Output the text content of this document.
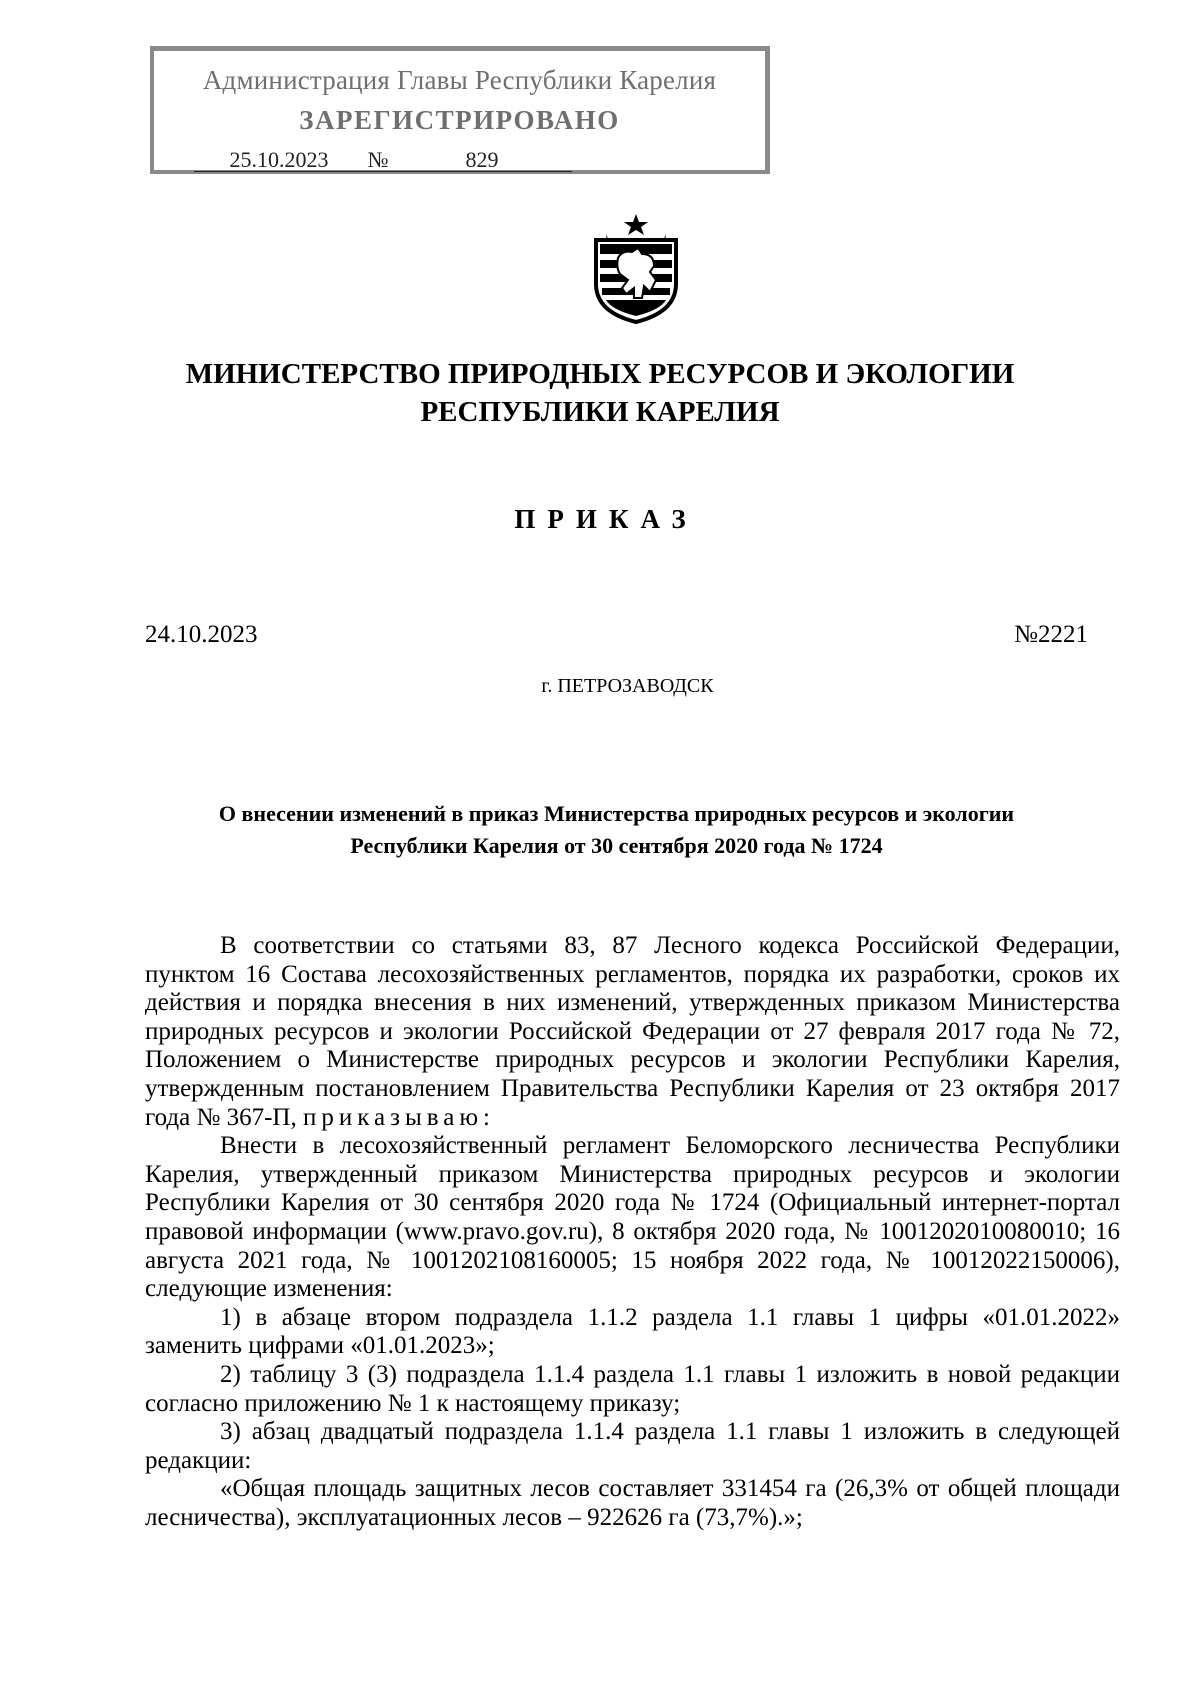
Администрация Главы Республики Карелия
ЗАРЕГИСТРИРОВАНО
25.10.2023 №	829
МИНИСТЕРСТВО ПРИРОДНЫХ РЕСУРСОВ И ЭКОЛОГИИ
РЕСПУБЛИКИ КАРЕЛИЯ
ПРИКАЗ
24.10.2023	№2221
г. ПЕТРОЗАВОДСК
О внесении изменений в приказ Министерства природных ресурсов и экологии
Республики Карелия от 30 сентября 2020 года № 1724

В соответствии со статьями 83, 87 Лесного кодекса Российской Федерации, пунктом 16 Состава лесохозяйственных регламентов, порядка их разработки, сроков их действия и порядка внесения в них изменений, утвержденных приказом Министерства природных ресурсов и экологии Российской Федерации от 27 февраля 2017 года № 72, Положением о Министерстве природных ресурсов и экологии Республики Карелия, утвержденным постановлением Правительства Республики Карелия от 23 октября 2017 года № 367-П, приказываю:

Внести в лесохозяйственный регламент Беломорского лесничества Республики Карелия, утвержденный приказом Министерства природных ресурсов и экологии Республики Карелия от 30 сентября 2020 года № 1724 (Официальный интернет-портал правовой информации (www.pravo.gov.ru), 8 октября 2020 года, № 1001202010080010; 16 августа 2021 года, № 1001202108160005; 15 ноября 2022 года, № 10012022150006), следующие изменения:

1) в абзаце втором подраздела 1.1.2 раздела 1.1 главы 1 цифры «01.01.2022» заменить цифрами «01.01.2023»;

2) таблицу 3 (3) подраздела 1.1.4 раздела 1.1 главы 1 изложить в новой редакции согласно приложению № 1 к настоящему приказу;

3) абзац двадцатый подраздела 1.1.4 раздела 1.1 главы 1 изложить в следующей редакции:

«Общая площадь защитных лесов составляет 331454 га (26,3% от общей площади лесничества), эксплуатационных лесов – 922626 га (73,7%).»;
